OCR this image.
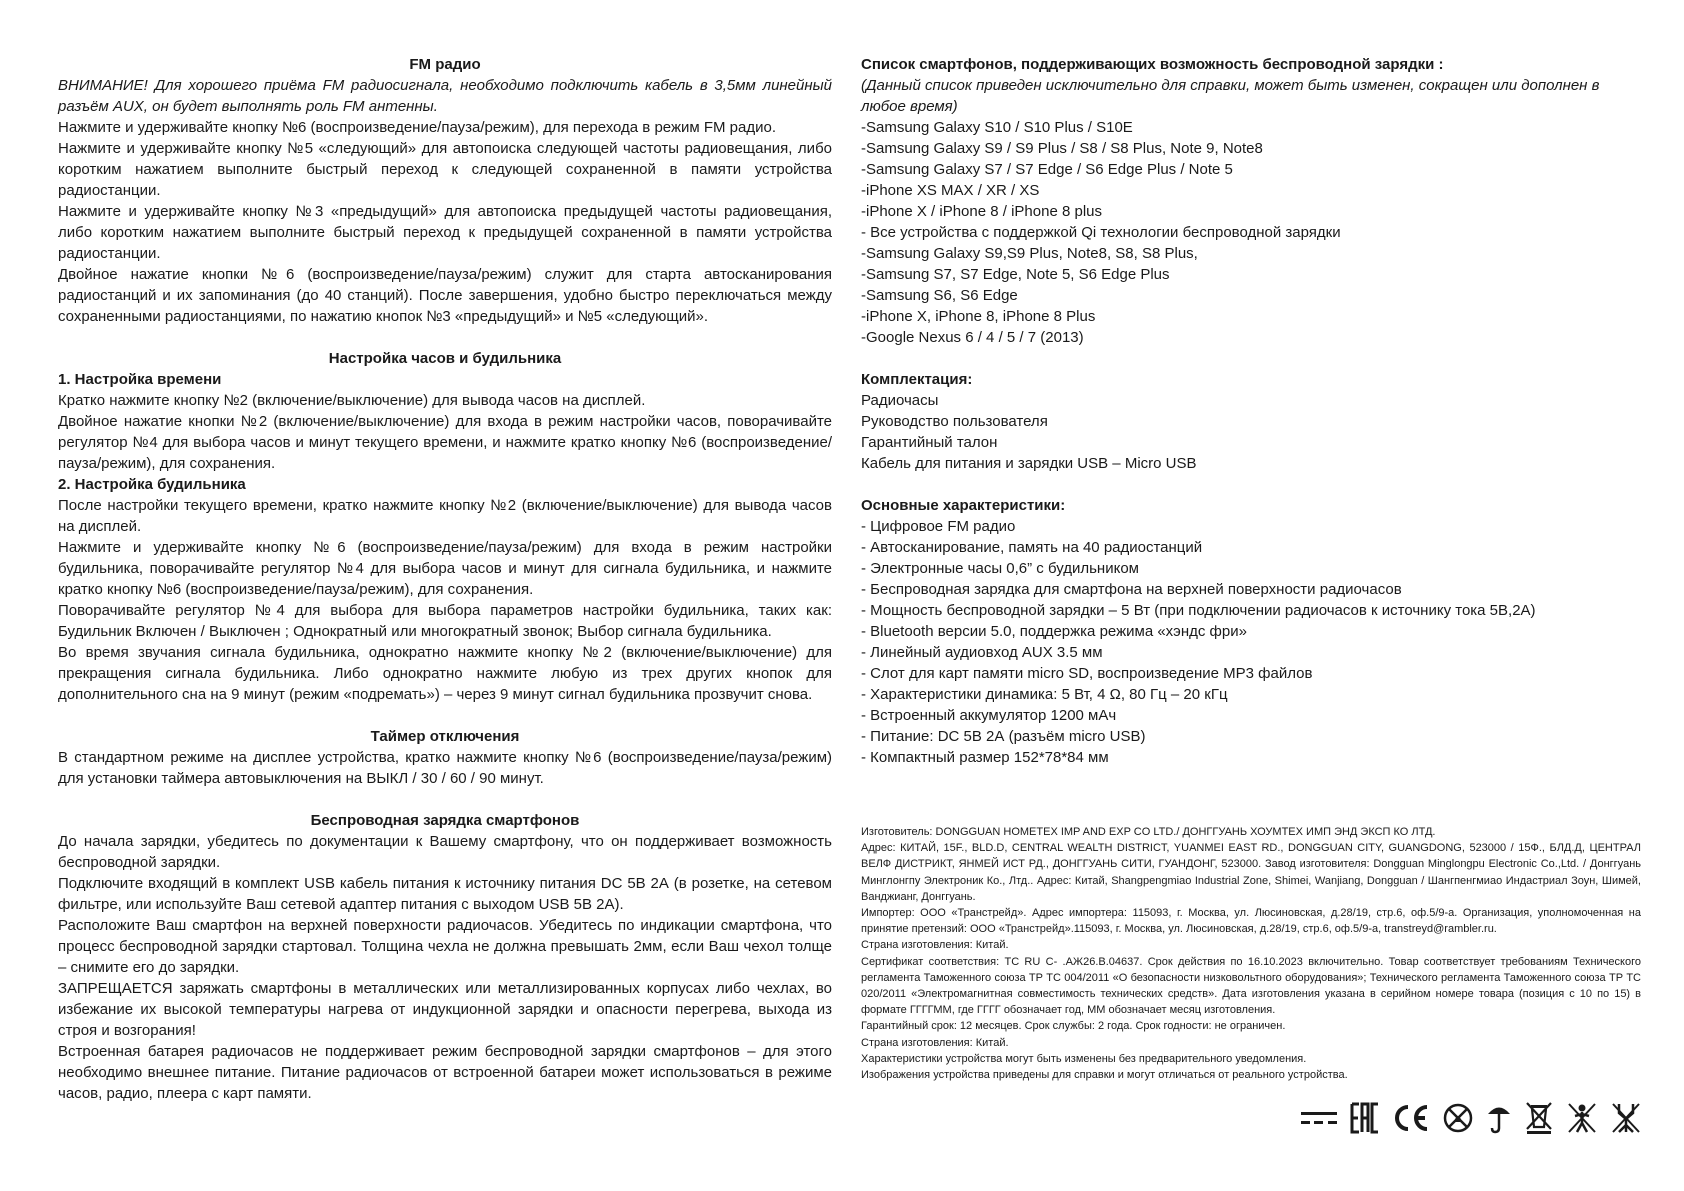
FM радио

ВНИМАНИЕ! Для хорошего приёма FM радиосигнала, необходимо подключить кабель в 3,5мм линейный разъём AUX, он будет выполнять роль FM антенны.

Нажмите и удерживайте кнопку №6 (воспроизведение/пауза/режим), для перехода в режим FM радио.

Нажмите и удерживайте кнопку №5 «следующий» для автопоиска следующей частоты радиовещания, либо коротким нажатием выполните быстрый переход к следующей сохраненной в памяти устройства радиостанции.

Нажмите и удерживайте кнопку №3 «предыдущий» для автопоиска предыдущей частоты радиовещания, либо коротким нажатием выполните быстрый переход к предыдущей сохраненной в памяти устройства радиостанции.

Двойное нажатие кнопки №6 (воспроизведение/пауза/режим) служит для старта автосканирования радиостанций и их запоминания (до 40 станций). После завершения, удобно быстро переключаться между сохраненными радиостанциями, по нажатию кнопок №3 «предыдущий» и №5 «следующий».

Настройка часов и будильника

1. Настройка времени

Кратко нажмите кнопку №2 (включение/выключение) для вывода часов на дисплей.

Двойное нажатие кнопки №2 (включение/выключение) для входа в режим настройки часов, поворачивайте регулятор №4 для выбора часов и минут текущего времени, и нажмите кратко кнопку №6 (воспроизведение/пауза/режим), для сохранения.

2. Настройка будильника

После настройки текущего времени, кратко нажмите кнопку №2 (включение/выключение) для вывода часов на дисплей.

Нажмите и удерживайте кнопку №6 (воспроизведение/пауза/режим) для входа в режим настройки будильника, поворачивайте регулятор №4 для выбора часов и минут для сигнала будильника, и нажмите кратко кнопку №6 (воспроизведение/пауза/режим), для сохранения.

Поворачивайте регулятор №4 для выбора для выбора параметров настройки будильника, таких как: Будильник Включен / Выключен ; Однократный или многократный звонок; Выбор сигнала будильника.

Во время звучания сигнала будильника, однократно нажмите кнопку №2 (включение/выключение) для прекращения сигнала будильника. Либо однократно нажмите любую из трех других кнопок для дополнительного сна на 9 минут (режим «подремать») – через 9 минут сигнал будильника прозвучит снова.

Таймер отключения

В стандартном режиме на дисплее устройства, кратко нажмите кнопку №6 (воспроизведение/пауза/режим) для установки таймера автовыключения на ВЫКЛ / 30 / 60 / 90 минут.

Беспроводная зарядка смартфонов

До начала зарядки, убедитесь по документации к Вашему смартфону, что он поддерживает возможность беспроводной зарядки.

Подключите входящий в комплект USB кабель питания к источнику питания DC 5В 2А (в розетке, на сетевом фильтре, или используйте Ваш сетевой адаптер питания с выходом USB 5В 2А).

Расположите Ваш смартфон на верхней поверхности радиочасов. Убедитесь по индикации смартфона, что процесс беспроводной зарядки стартовал. Толщина чехла не должна превышать 2мм, если Ваш чехол толще – снимите его до зарядки.

ЗАПРЕЩАЕТСЯ заряжать смартфоны в металлических или металлизированных корпусах либо чехлах, во избежание их высокой температуры нагрева от индукционной зарядки и опасности перегрева, выхода из строя и возгорания!

Встроенная батарея радиочасов не поддерживает режим беспроводной зарядки смартфонов – для этого необходимо внешнее питание. Питание радиочасов от встроенной батареи может использоваться в режиме часов, радио, плеера с карт памяти.

Список смартфонов, поддерживающих возможность беспроводной зарядки :

(Данный список приведен исключительно для справки, может быть изменен, сокращен или дополнен в любое время)

-Samsung Galaxy S10 / S10 Plus / S10E
-Samsung Galaxy S9 / S9 Plus / S8 / S8 Plus, Note 9, Note8
-Samsung Galaxy S7 / S7 Edge / S6 Edge Plus / Note 5
-iPhone XS MAX / XR / XS
-iPhone X / iPhone 8 / iPhone 8 plus
- Все устройства с поддержкой Qi технологии беспроводной зарядки
-Samsung Galaxy S9,S9 Plus, Note8, S8, S8 Plus,
-Samsung S7, S7 Edge, Note 5, S6 Edge Plus
-Samsung S6, S6 Edge
-iPhone X, iPhone 8, iPhone 8 Plus
-Google Nexus 6 / 4 / 5 / 7 (2013)

Комплектация:

Радиочасы
Руководство пользователя
Гарантийный талон
Кабель для питания и зарядки USB – Micro USB

Основные характеристики:

- Цифровое FM радио
- Автосканирование, память на 40 радиостанций
- Электронные часы 0,6” с будильником
- Беспроводная зарядка для смартфона на верхней поверхности радиочасов
- Мощность беспроводной зарядки – 5 Вт (при подключении радиочасов к источнику тока 5В,2А)
- Bluetooth версии 5.0, поддержка режима «хэндс фри»
- Линейный аудиовход AUX 3.5 мм
- Слот для карт памяти micro SD, воспроизведение MP3 файлов
- Характеристики динамика: 5 Вт, 4 Ω, 80 Гц – 20 кГц
- Встроенный аккумулятор 1200 мАч
- Питание: DC 5В 2А (разъём micro USB)
- Компактный размер 152*78*84 мм

Изготовитель: DONGGUAN HOMETEX IMP AND EXP CO LTD./ ДОНГГУАНЬ ХОУМТЕХ ИМП ЭНД ЭКСП КО ЛТД.

Адрес: КИТАЙ, 15F., BLD.D, CENTRAL WEALTH DISTRICT, YUANMEI EAST RD., DONGGUAN CITY, GUANGDONG, 523000 / 15Ф., БЛД.Д, ЦЕНТРАЛ ВЕЛФ ДИСТРИКТ, ЯНМЕЙ ИСТ РД., ДОНГГУАНЬ СИТИ, ГУАНДОНГ, 523000. Завод изготовителя: Dongguan Minglongpu Electronic Co.,Ltd. / Донггуань Минглонгпу Электроник Ко., Лтд.. Адрес: Китай, Shangpengmiao Industrial Zone, Shimei, Wanjiang, Dongguan / Шангпенгмиао Индастриал Зоун, Шимей, Ванджианг, Донггуань.

Импортер: ООО «Транстрейд». Адрес импортера: 115093, г. Москва, ул. Люсиновская, д.28/19, стр.6, оф.5/9-а. Организация, уполномоченная на принятие претензий: ООО «Транстрейд».115093, г. Москва, ул. Люсиновская, д.28/19, стр.6, оф.5/9-а, transtreyd@rambler.ru.

Страна изготовления: Китай.

Сертификат соответствия: ТС RU C- .АЖ26.В.04637. Срок действия по 16.10.2023 включительно. Товар соответствует требованиям Технического регламента Таможенного союза ТР ТС 004/2011 «О безопасности низковольтного оборудования»; Технического регламента Таможенного союза ТР ТС 020/2011 «Электромагнитная совместимость технических средств». Дата изготовления указана в серийном номере товара (позиция с 10 по 15) в формате ГГГГММ, где ГГГГ обозначает год, ММ обозначает месяц изготовления.

Гарантийный срок: 12 месяцев. Срок службы: 2 года. Срок годности: не ограничен.

Страна изготовления: Китай.

Характеристики устройства могут быть изменены без предварительного уведомления.

Изображения устройства приведены для справки и могут отличаться от реального устройства.
